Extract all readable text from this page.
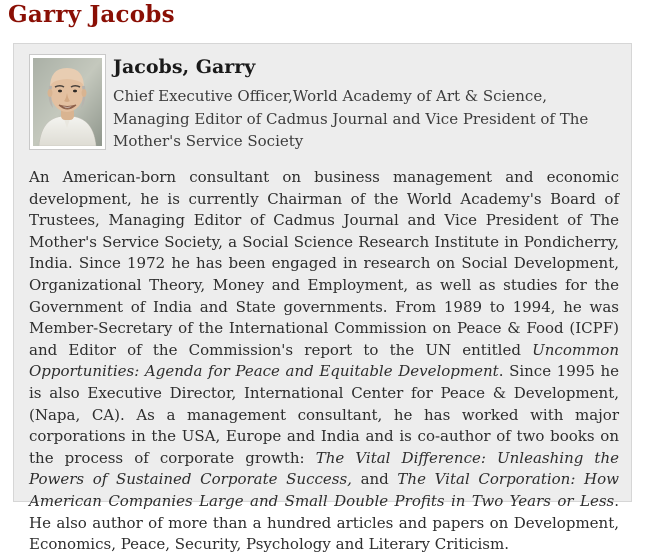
Garry Jacobs
Jacobs, Garry

Chief Executive Officer,World Academy of Art & Science, Managing Editor of Cadmus Journal and Vice President of The Mother's Service Society

An American-born consultant on business management and economic development, he is currently Chairman of the World Academy's Board of Trustees, Managing Editor of Cadmus Journal and Vice President of The Mother's Service Society, a Social Science Research Institute in Pondicherry, India. Since 1972 he has been engaged in research on Social Development, Organizational Theory, Money and Employment, as well as studies for the Government of India and State governments. From 1989 to 1994, he was Member-Secretary of the International Commission on Peace & Food (ICPF) and Editor of the Commission's report to the UN entitled Uncommon Opportunities: Agenda for Peace and Equitable Development. Since 1995 he is also Executive Director, International Center for Peace & Development, (Napa, CA). As a management consultant, he has worked with major corporations in the USA, Europe and India and is co-author of two books on the process of corporate growth: The Vital Difference: Unleashing the Powers of Sustained Corporate Success, and The Vital Corporation: How American Companies Large and Small Double Profits in Two Years or Less. He also author of more than a hundred articles and papers on Development, Economics, Peace, Security, Psychology and Literary Criticism.
